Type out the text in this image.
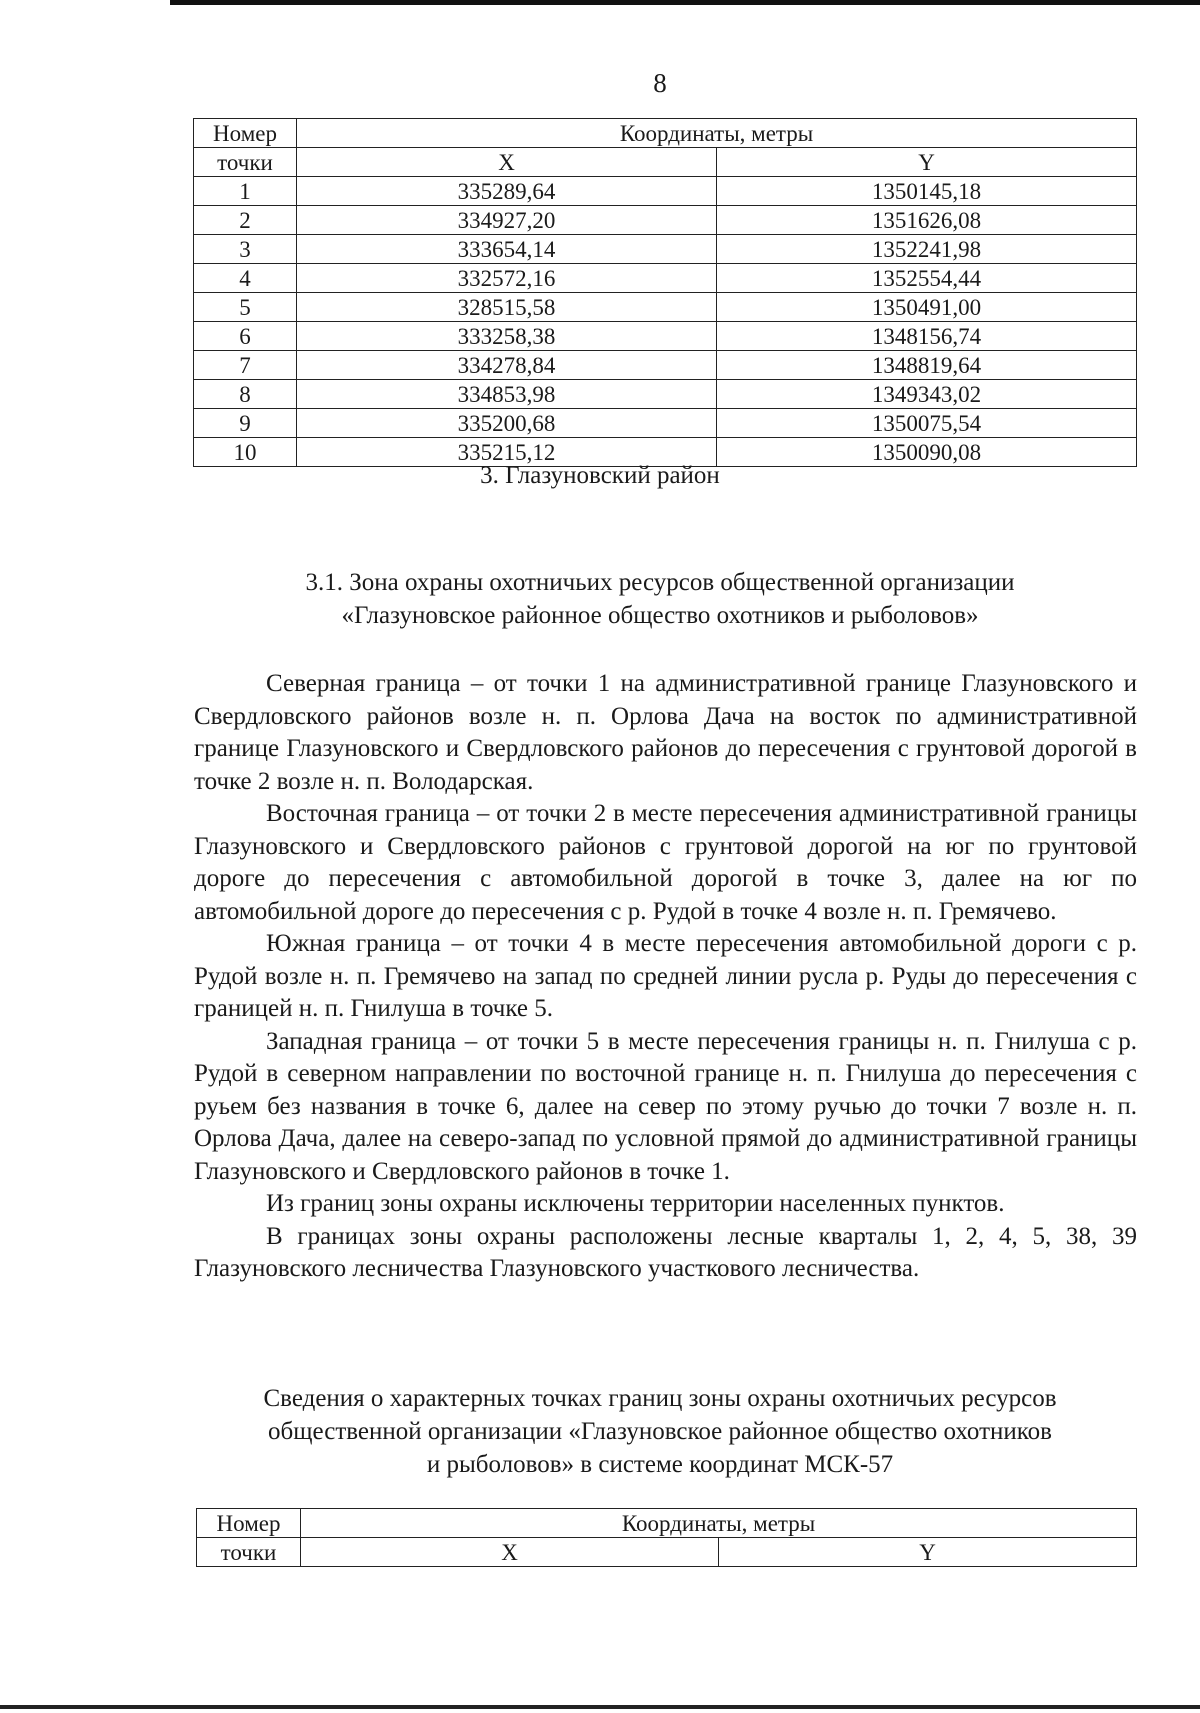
8
Номер	Координаты, метры	
точки	X	Y
1	335289,64	1350145,18
2	334927,20	1351626,08
3	333654,14	1352241,98
4	332572,16	1352554,44
5	328515,58	1350491,00
6	333258,38	1348156,74
7	334278,84	1348819,64
8	334853,98	1349343,02
9	335200,68	1350075,54
10	335215,12	1350090,08
3. Глазуновский район
3.1. Зона охраны охотничьих ресурсов общественной организации
«Глазуновское районное общество охотников и рыболовов»

Северная граница – от точки 1 на административной границе Глазуновского и Свердловского районов возле н. п. Орлова Дача на восток по административной границе Глазуновского и Свердловского районов до пересечения с грунтовой дорогой в точке 2 возле н. п. Володарская.

Восточная граница – от точки 2 в месте пересечения административной границы Глазуновского и Свердловского районов с грунтовой дорогой на юг по грунтовой дороге до пересечения с автомобильной дорогой в точке 3, далее на юг по автомобильной дороге до пересечения с р. Рудой в точке 4 возле н. п. Гремячево.

Южная граница – от точки 4 в месте пересечения автомобильной дороги с р. Рудой возле н. п. Гремячево на запад по средней линии русла р. Руды до пересечения с границей н. п. Гнилуша в точке 5.

Западная граница – от точки 5 в месте пересечения границы н. п. Гнилуша с р. Рудой в северном направлении по восточной границе н. п. Гнилуша до пересечения с руьем без названия в точке 6, далее на север по этому ручью до точки 7 возле н. п. Орлова Дача, далее на северо-запад по условной прямой до административной границы Глазуновского и Свердловского районов в точке 1.

Из границ зоны охраны исключены территории населенных пунктов.

В границах зоны охраны расположены лесные кварталы 1, 2, 4, 5, 38, 39 Глазуновского лесничества Глазуновского участкового лесничества.

Сведения о характерных точках границ зоны охраны охотничьих ресурсов
общественной организации «Глазуновское районное общество охотников
и рыболовов» в системе координат МСК-57
Номер	Координаты, метры	
точки	X	Y
